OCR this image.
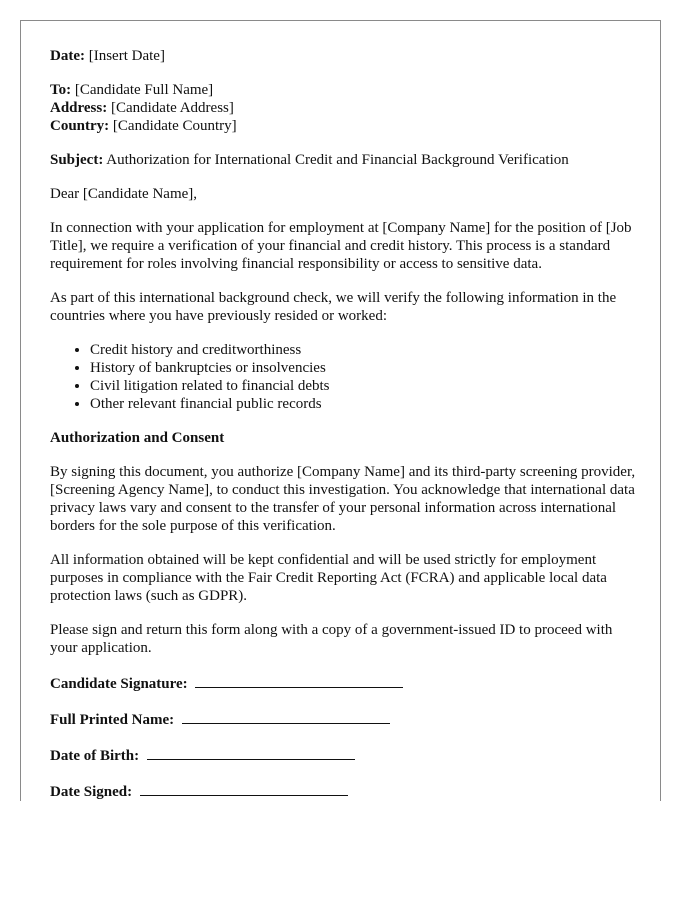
Date: [Insert Date]

To: [Candidate Full Name]
Address: [Candidate Address]
Country: [Candidate Country]

Subject: Authorization for International Credit and Financial Background Verification

Dear [Candidate Name],

In connection with your application for employment at [Company Name] for the position of [Job Title], we require a verification of your financial and credit history. This process is a standard requirement for roles involving financial responsibility or access to sensitive data.

As part of this international background check, we will verify the following information in the countries where you have previously resided or worked:

• Credit history and creditworthiness
• History of bankruptcies or insolvencies
• Civil litigation related to financial debts
• Other relevant financial public records

Authorization and Consent

By signing this document, you authorize [Company Name] and its third-party screening provider, [Screening Agency Name], to conduct this investigation. You acknowledge that international data privacy laws vary and consent to the transfer of your personal information across international borders for the sole purpose of this verification.

All information obtained will be kept confidential and will be used strictly for employment purposes in compliance with the Fair Credit Reporting Act (FCRA) and applicable local data protection laws (such as GDPR).

Please sign and return this form along with a copy of a government-issued ID to proceed with your application.

Candidate Signature:

Full Printed Name:

Date of Birth:

Date Signed:
